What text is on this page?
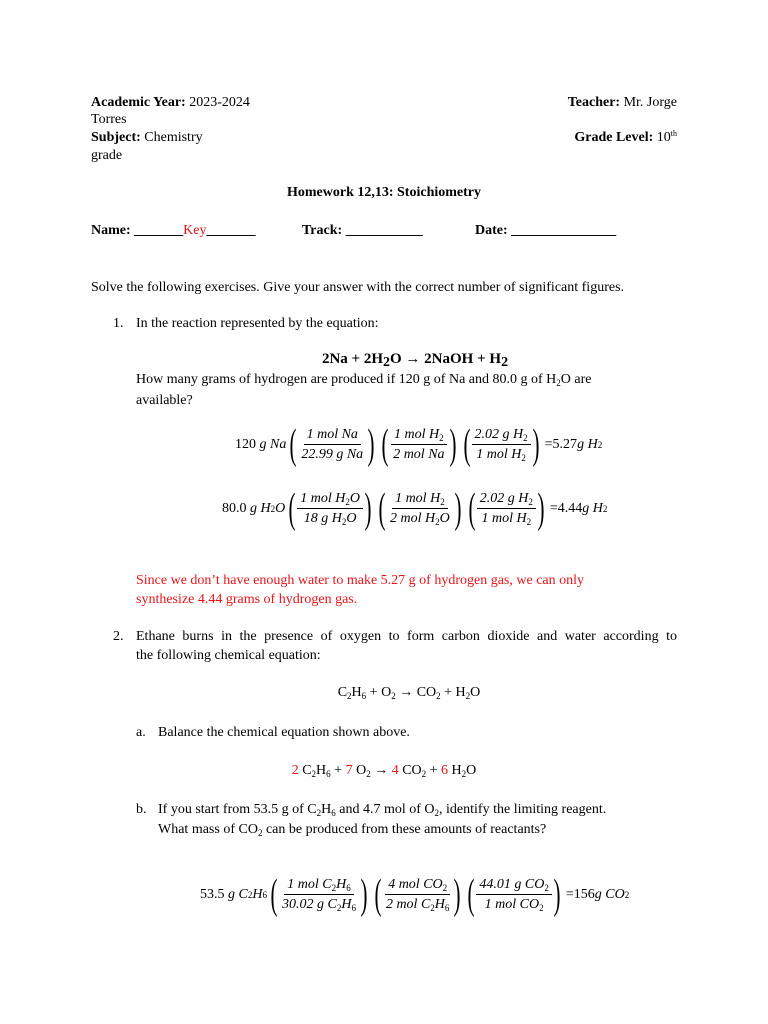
Academic Year: 2023-2024	Teacher: Mr. Jorge
Torres
Subject: Chemistry	Grade Level: 10th
grade
Homework 12,13: Stoichiometry
Name: _______Key_______	Track: ___________	Date: _______________
Solve the following exercises. Give your answer with the correct number of significant figures.
1. In the reaction represented by the equation:
2Na + 2H2O → 2NaOH + H2
How many grams of hydrogen are produced if 120 g of Na and 80.0 g of $H_2O$ are
available?
120
g Na ( $\frac{\text{1 mol Na}}{\text{22.99 g Na}}$
) ( $\frac{1 mol H_2}{\text{2 mol Na}}$
) ( $\frac{2.02 g H_2}{1 mol H_2}$
) =5.27 g H 2
80.0
g H 2 O ( $\frac{1 mol H_2O}{18 g H_2O}$
) ( $\frac{1 mol H_2}{2 mol H_2O}$
) ( $\frac{2.02 g H_2}{1 mol H_2}$
) =4.44 g H 2
Since we don’t have enough water to make 5.27 g of hydrogen gas, we can only
synthesize 4.44 grams of hydrogen gas.
2. Ethane burns in the presence of oxygen to form carbon dioxide and water according to
the following chemical equation:
$C_2H_6 + O_2 \to CO_2 + H_2O$
a. Balance the chemical equation shown above.
2 $C_2H_6 + 7$ $O_2 \to 4$ $CO_2 + 6$ $H_2O$
b. If you start from 53.5 g of $C_2H_6$ and 4.7 mol of $O_2$, identify the limiting reagent.
What mass of $CO_2$ can be produced from these amounts of reactants?
53.5
g C 2 H 6 ( $\frac{1 mol C_2H_6}{30.02 g C_2H_6}$
) ( $\frac{4 mol CO_2}{2 mol C_2H_6}$
) ( $\frac{44.01 g CO_2}{1 mol CO_2}$
) =156 g CO 2
